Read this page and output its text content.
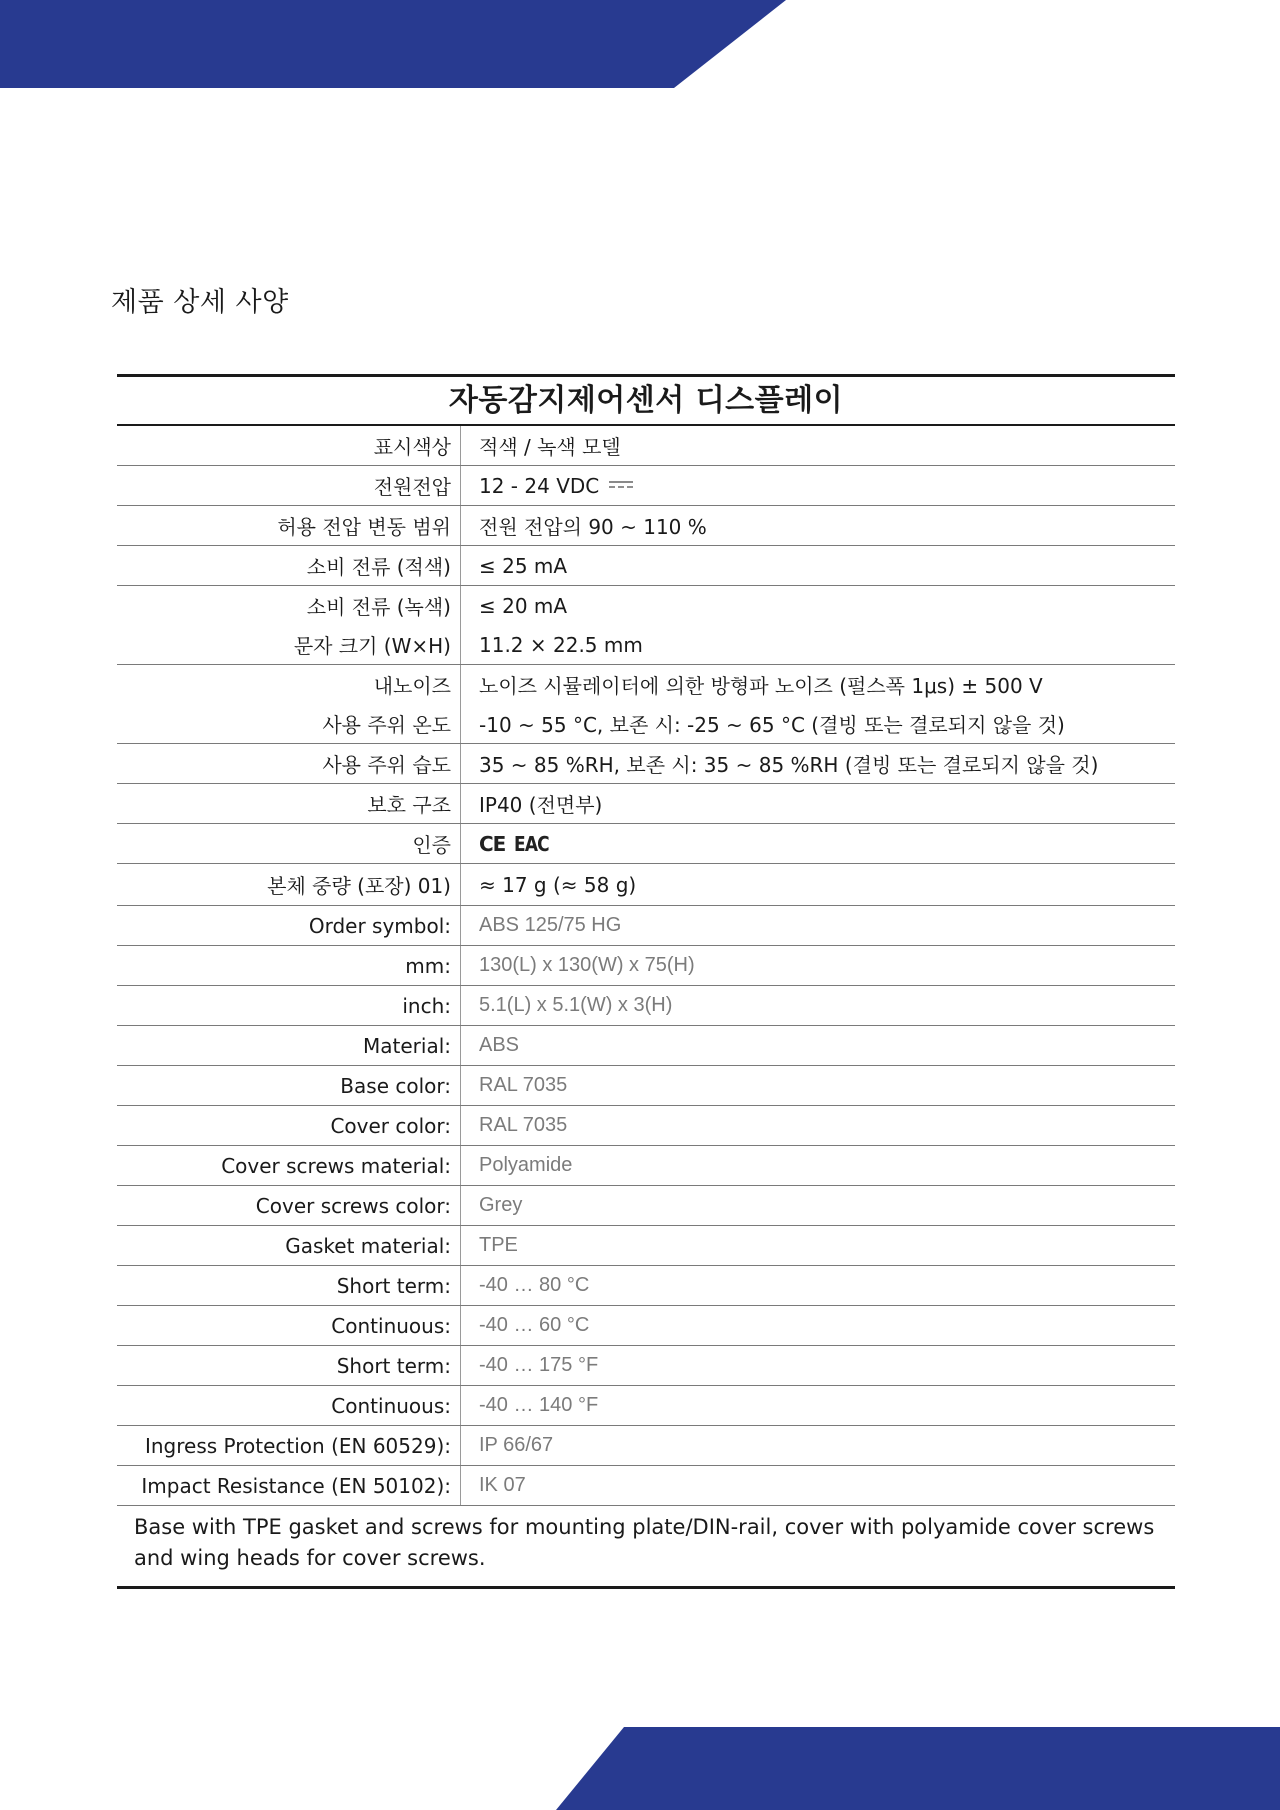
제품 상세 사양
자동감지제어센서 디스플레이
표시색상	적색 / 녹색 모델
전원전압	12 - 24 VDC
허용 전압 변동 범위	전원 전압의 90 ~ 110 %
소비 전류 (적색)	≤ 25 mA
소비 전류 (녹색)	≤ 20 mA
문자 크기 (W×H)	11.2 × 22.5 mm
내노이즈	노이즈 시뮬레이터에 의한 방형파 노이즈 (펄스폭 1μs) ± 500 V
사용 주위 온도	-10 ~ 55 °C, 보존 시: -25 ~ 65 °C (결빙 또는 결로되지 않을 것)
사용 주위 습도	35 ~ 85 %RH, 보존 시: 35 ~ 85 %RH (결빙 또는 결로되지 않을 것)
보호 구조	IP40 (전면부)
인증	CE EAC

본체 중량 (포장) 01)	≈ 17 g (≈ 58 g)
Order symbol:	ABS 125/75 HG
mm:	130(L) x 130(W) x 75(H)
inch:	5.1(L) x 5.1(W) x 3(H)
Material:	ABS
Base color:	RAL 7035
Cover color:	RAL 7035
Cover screws material:	Polyamide
Cover screws color:	Grey
Gasket material:	TPE
Short term:	-40 … 80 °C
Continuous:	-40 … 60 °C
Short term:	-40 … 175 °F
Continuous:	-40 … 140 °F
Ingress Protection (EN 60529):	IP 66/67
Impact Resistance (EN 50102):	IK 07
Base with TPE gasket and screws for mounting plate/DIN-rail, cover with polyamide cover screws and wing heads for cover screws.
